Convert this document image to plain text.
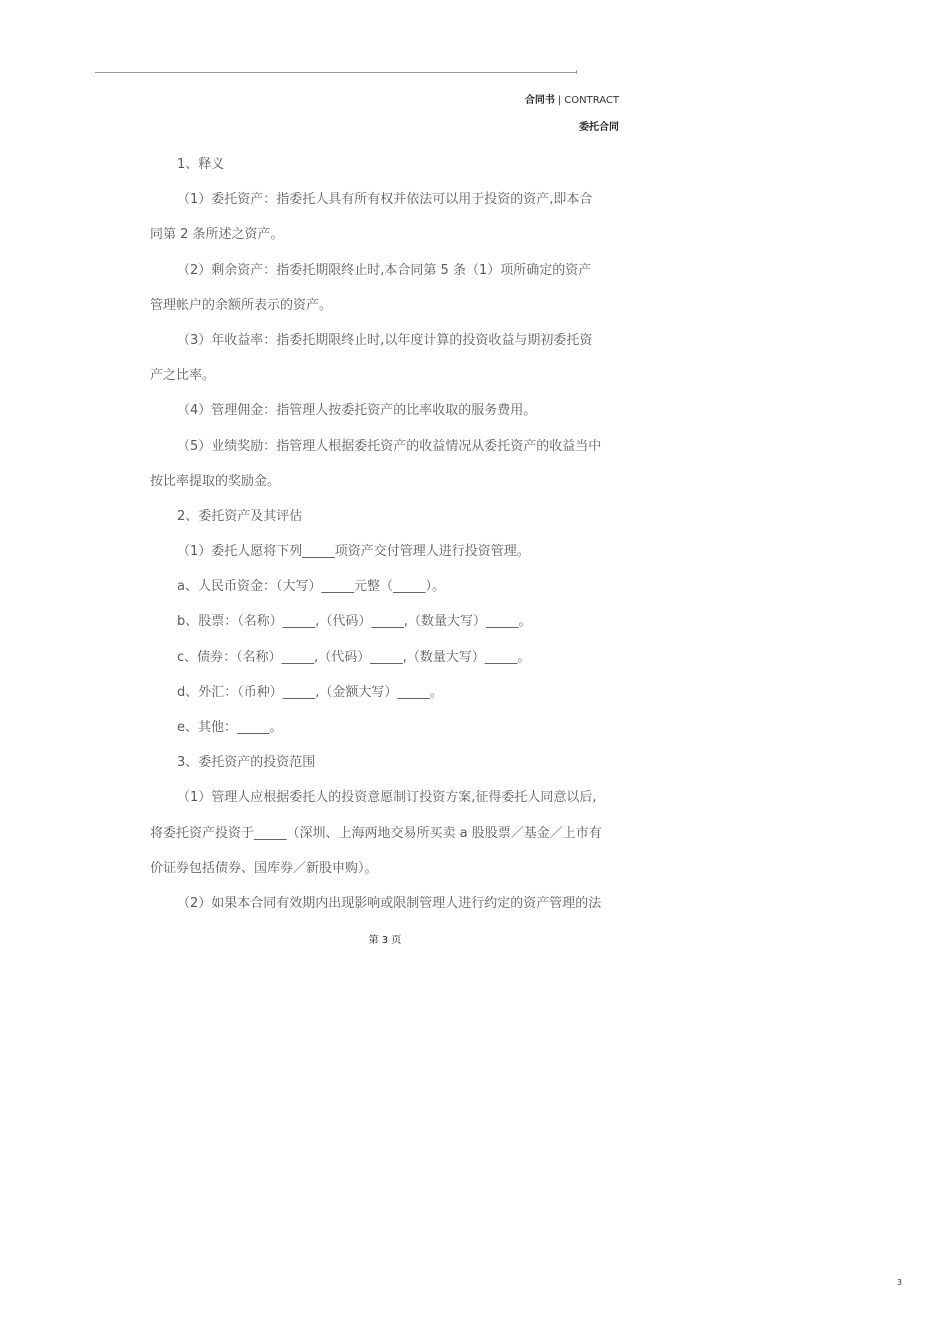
合同书 | CONTRACT
委托合同
1、释义
（1）委托资产：指委托人具有所有权并依法可以用于投资的资产,即本合
同第 2 条所述之资产。
（2）剩余资产：指委托期限终止时,本合同第 5 条（1）项所确定的资产
管理帐户的余额所表示的资产。
（3）年收益率：指委托期限终止时,以年度计算的投资收益与期初委托资
产之比率。
（4）管理佣金：指管理人按委托资产的比率收取的服务费用。
（5）业绩奖励：指管理人根据委托资产的收益情况从委托资产的收益当中
按比率提取的奖励金。
2、委托资产及其评估
（1）委托人愿将下列_____项资产交付管理人进行投资管理。
a、人民币资金：（大写）_____元整（_____）。
b、股票：（名称）_____,（代码）_____,（数量大写）_____。
c、债券：（名称）_____,（代码）_____,（数量大写）_____。
d、外汇：（币种）_____,（金额大写）_____。
e、其他：_____。
3、委托资产的投资范围
（1）管理人应根据委托人的投资意愿制订投资方案,征得委托人同意以后,
将委托资产投资于_____（深圳、上海两地交易所买卖 a 股股票／基金／上市有
价证券包括债券、国库券／新股申购）。
（2）如果本合同有效期内出现影响或限制管理人进行约定的资产管理的法
第 3 页
3
